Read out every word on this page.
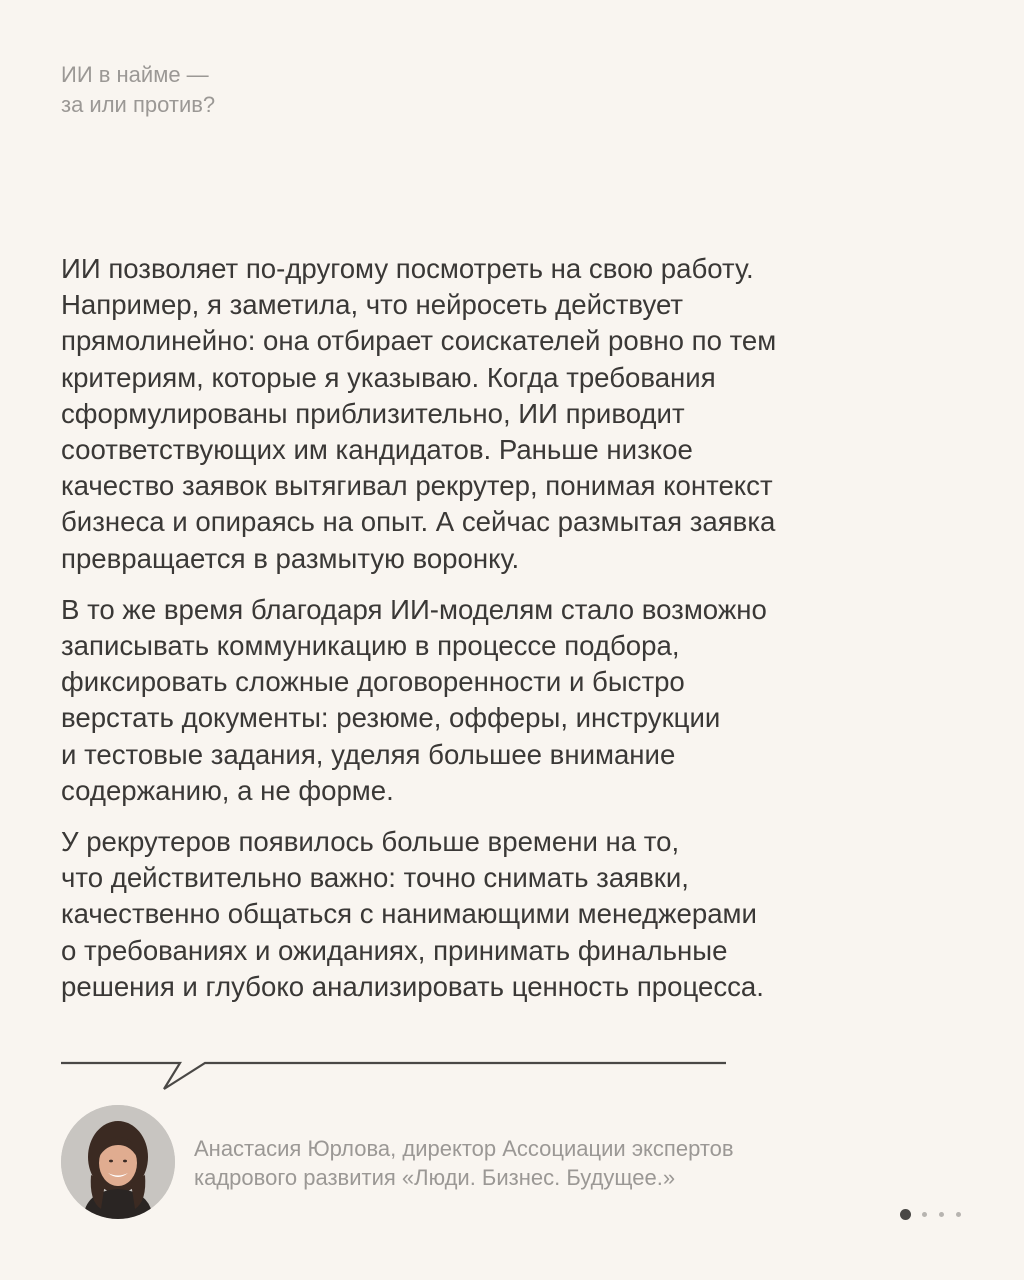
ИИ в найме —
за или против?

ИИ позволяет по-другому посмотреть на свою работу.
Например, я заметила, что нейросеть действует
прямолинейно: она отбирает соискателей ровно по тем
критериям, которые я указываю. Когда требования
сформулированы приблизительно, ИИ приводит
соответствующих им кандидатов. Раньше низкое
качество заявок вытягивал рекрутер, понимая контекст
бизнеса и опираясь на опыт. А сейчас размытая заявка
превращается в размытую воронку.

В то же время благодаря ИИ-моделям стало возможно
записывать коммуникацию в процессе подбора,
фиксировать сложные договоренности и быстро
верстать документы: резюме, офферы, инструкции
и тестовые задания, уделяя большее внимание
содержанию, а не форме.

У рекрутеров появилось больше времени на то,
что действительно важно: точно снимать заявки,
качественно общаться с нанимающими менеджерами
о требованиях и ожиданиях, принимать финальные
решения и глубоко анализировать ценность процесса.

Анастасия Юрлова, директор Ассоциации экспертов
кадрового развития «Люди. Бизнес. Будущее.»
